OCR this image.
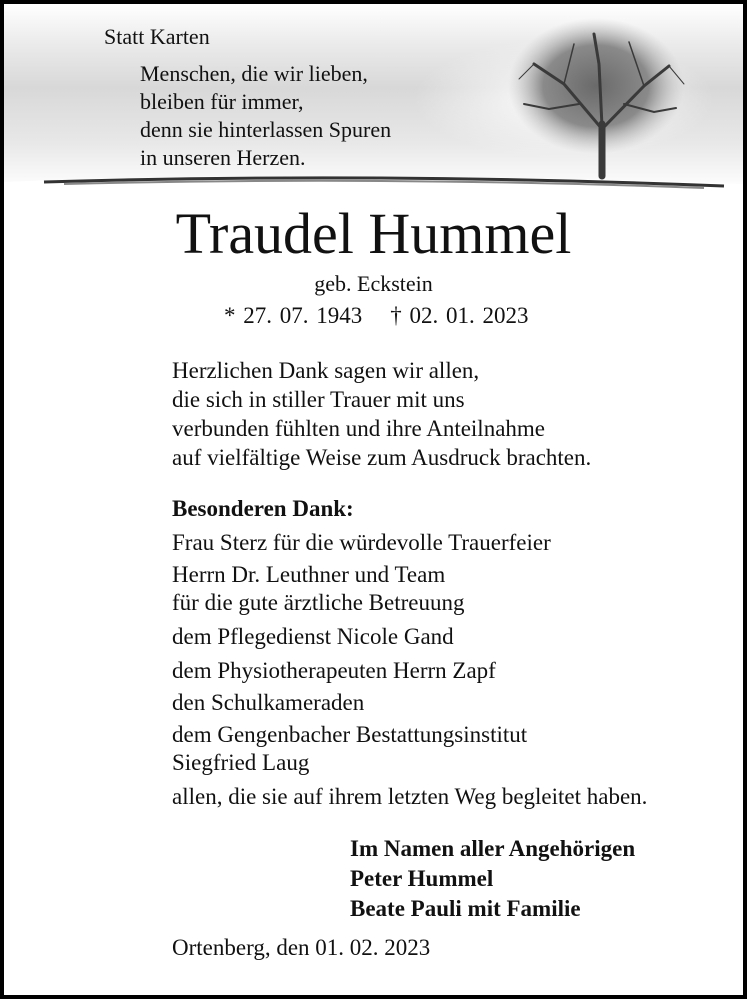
Statt Karten

Menschen, die wir lieben,
bleiben für immer,
denn sie hinterlassen Spuren
in unseren Herzen.

Traudel Hummel

geb. Eckstein

* 27. 07. 1943 † 02. 01. 2023

Herzlichen Dank sagen wir allen,
die sich in stiller Trauer mit uns
verbunden fühlten und ihre Anteilnahme
auf vielfältige Weise zum Ausdruck brachten.

Besonderen Dank:

Frau Sterz für die würdevolle Trauerfeier

Herrn Dr. Leuthner und Team

für die gute ärztliche Betreuung

dem Pflegedienst Nicole Gand

dem Physiotherapeuten Herrn Zapf

den Schulkameraden

dem Gengenbacher Bestattungsinstitut

Siegfried Laug

allen, die sie auf ihrem letzten Weg begleitet haben.

Im Namen aller Angehörigen
Peter Hummel
Beate Pauli mit Familie

Ortenberg, den 01. 02. 2023
